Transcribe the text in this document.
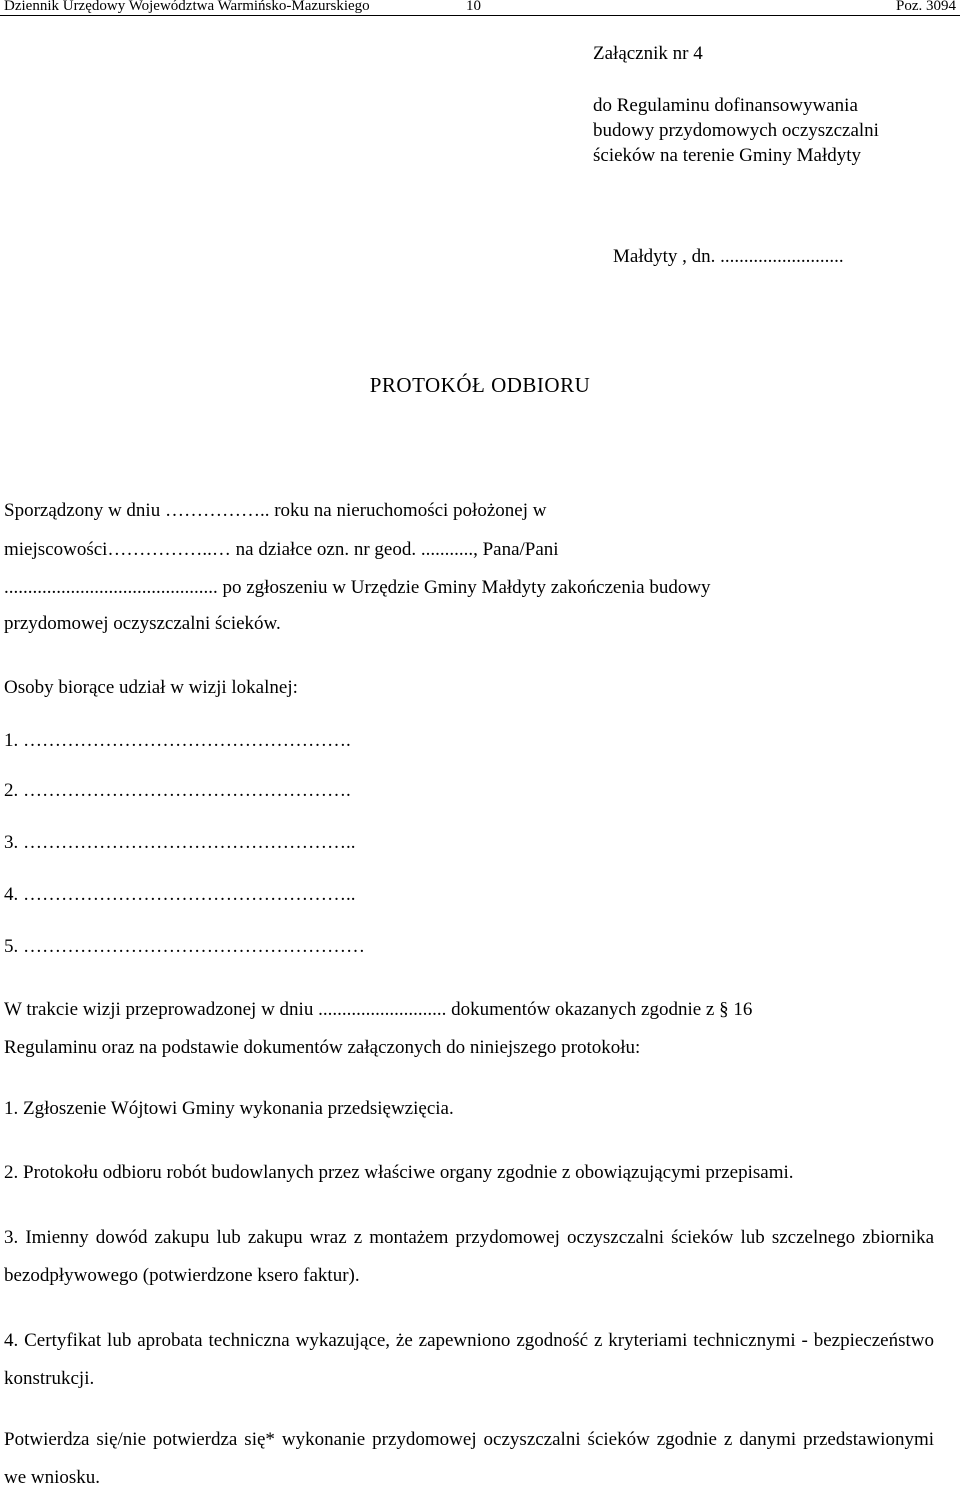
Dziennik Urzędowy Województwa Warmińsko-Mazurskiego	10	Poz. 3094
Załącznik nr 4
do Regulaminu dofinansowywania
budowy przydomowych oczyszczalni
ścieków na terenie Gminy Małdyty
Małdyty , dn. ..........................
PROTOKÓŁ ODBIORU
Sporządzony w dniu …………….. roku na nieruchomości położonej w
miejscowości……………..… na działce ozn. nr geod. ..........., Pana/Pani
............................................. po zgłoszeniu w Urzędzie Gminy Małdyty zakończenia budowy
przydomowej oczyszczalni ścieków.
Osoby biorące udział w wizji lokalnej:
1. …………………………………………….
2. …………………………………………….
3. ……………………………………………..
4. ……………………………………………..
5. ………………………………………………
W trakcie wizji przeprowadzonej w dniu ........................... dokumentów okazanych zgodnie z § 16
Regulaminu oraz na podstawie dokumentów załączonych do niniejszego protokołu:
1. Zgłoszenie Wójtowi Gminy wykonania przedsięwzięcia.
2. Protokołu odbioru robót budowlanych przez właściwe organy zgodnie z obowiązującymi przepisami.
3. Imienny dowód zakupu lub zakupu wraz z montażem przydomowej oczyszczalni ścieków lub szczelnego zbiornika bezodpływowego (potwierdzone ksero faktur).
4. Certyfikat lub aprobata techniczna wykazujące, że zapewniono zgodność z kryteriami technicznymi - bezpieczeństwo konstrukcji.
Potwierdza się/nie potwierdza się* wykonanie przydomowej oczyszczalni ścieków zgodnie z danymi przedstawionymi we wniosku.
